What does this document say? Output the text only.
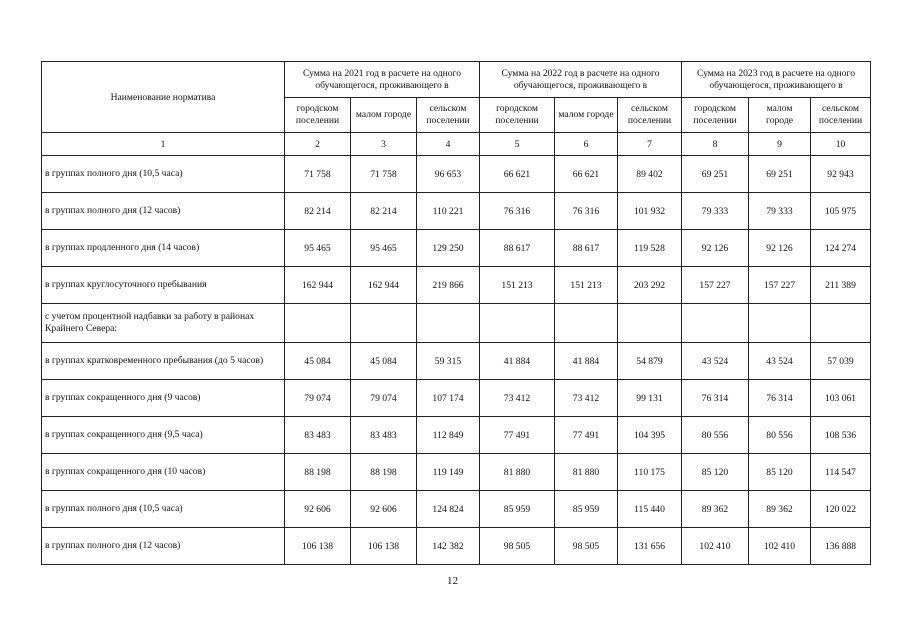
Наименование норматива	Сумма на 2021 год в расчете на одного обучающегося, проживающего в			Сумма на 2022 год в расчете на одного обучающегося, проживающего в			Сумма на 2023 год в расчете на одного обучающегося, проживающего в		
	городском поселении	малом городе	сельском поселении	городском поселении	малом городе	сельском поселении	городском поселении	малом городе	сельском поселении
1	2	3	4	5	6	7	8	9	10
в группах полного дня (10,5 часа)	71 758	71 758	96 653	66 621	66 621	89 402	69 251	69 251	92 943
в группах полного дня (12 часов)	82 214	82 214	110 221	76 316	76 316	101 932	79 333	79 333	105 975
в группах продленного дня (14 часов)	95 465	95 465	129 250	88 617	88 617	119 528	92 126	92 126	124 274
в группах круглосуточного пребывания	162 944	162 944	219 866	151 213	151 213	203 292	157 227	157 227	211 389
с учетом процентной надбавки за работу в районах Крайнего Севера:									
в группах кратковременного пребывания (до 5 часов)	45 084	45 084	59 315	41 884	41 884	54 879	43 524	43 524	57 039
в группах сокращенного дня (9 часов)	79 074	79 074	107 174	73 412	73 412	99 131	76 314	76 314	103 061
в группах сокращенного дня (9,5 часа)	83 483	83 483	112 849	77 491	77 491	104 395	80 556	80 556	108 536
в группах сокращенного дня (10 часов)	88 198	88 198	119 149	81 880	81 880	110 175	85 120	85 120	114 547
в группах полного дня (10,5 часа)	92 606	92 606	124 824	85 959	85 959	115 440	89 362	89 362	120 022
в группах полного дня (12 часов)	106 138	106 138	142 382	98 505	98 505	131 656	102 410	102 410	136 888
12
